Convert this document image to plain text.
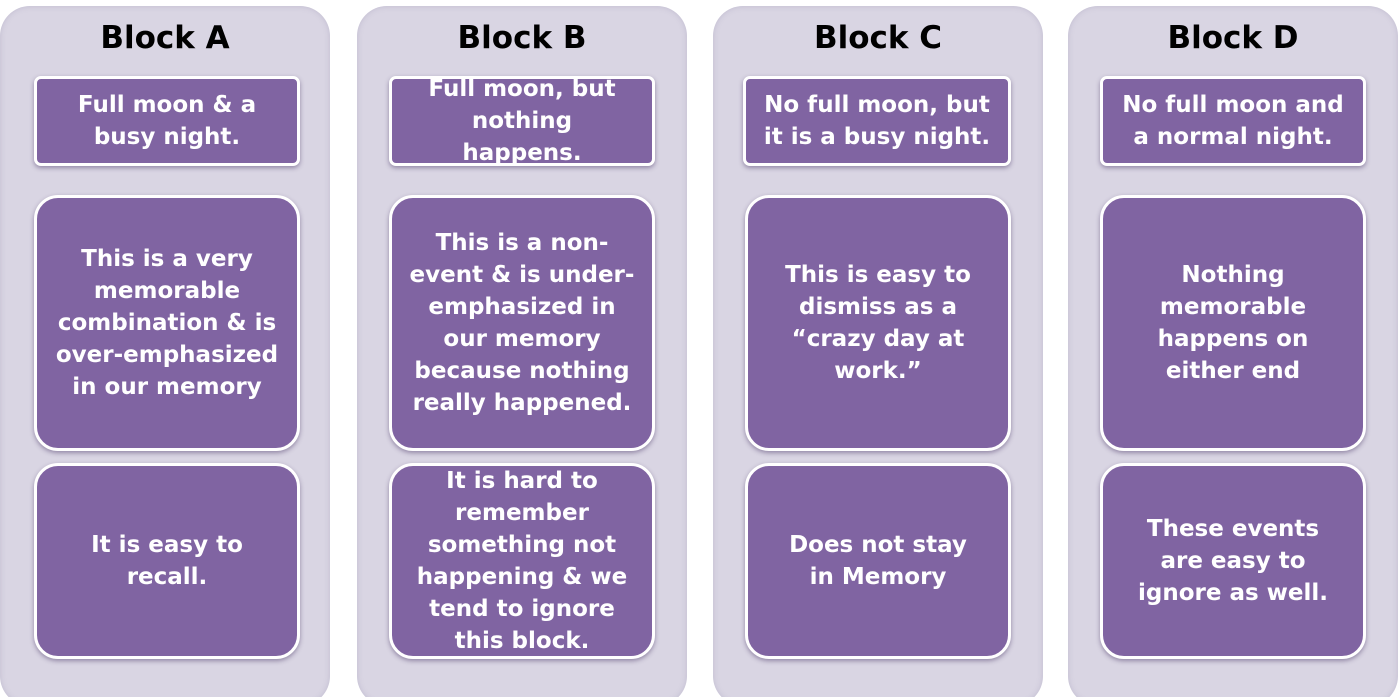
Block A
Full moon & a busy night.
This is a very memorable combination & is over-emphasized in our memory
It is easy to recall.
Block B
Full moon, but nothing happens.
This is a non-event & is under-emphasized in our memory because nothing really happened.
It is hard to remember something not happening & we tend to ignore this block.
Block C
No full moon, but it is a busy night.
This is easy to dismiss as a “crazy day at work.”
Does not stay in Memory
Block D
No full moon and a normal night.
Nothing memorable happens on either end
These events are easy to ignore as well.
